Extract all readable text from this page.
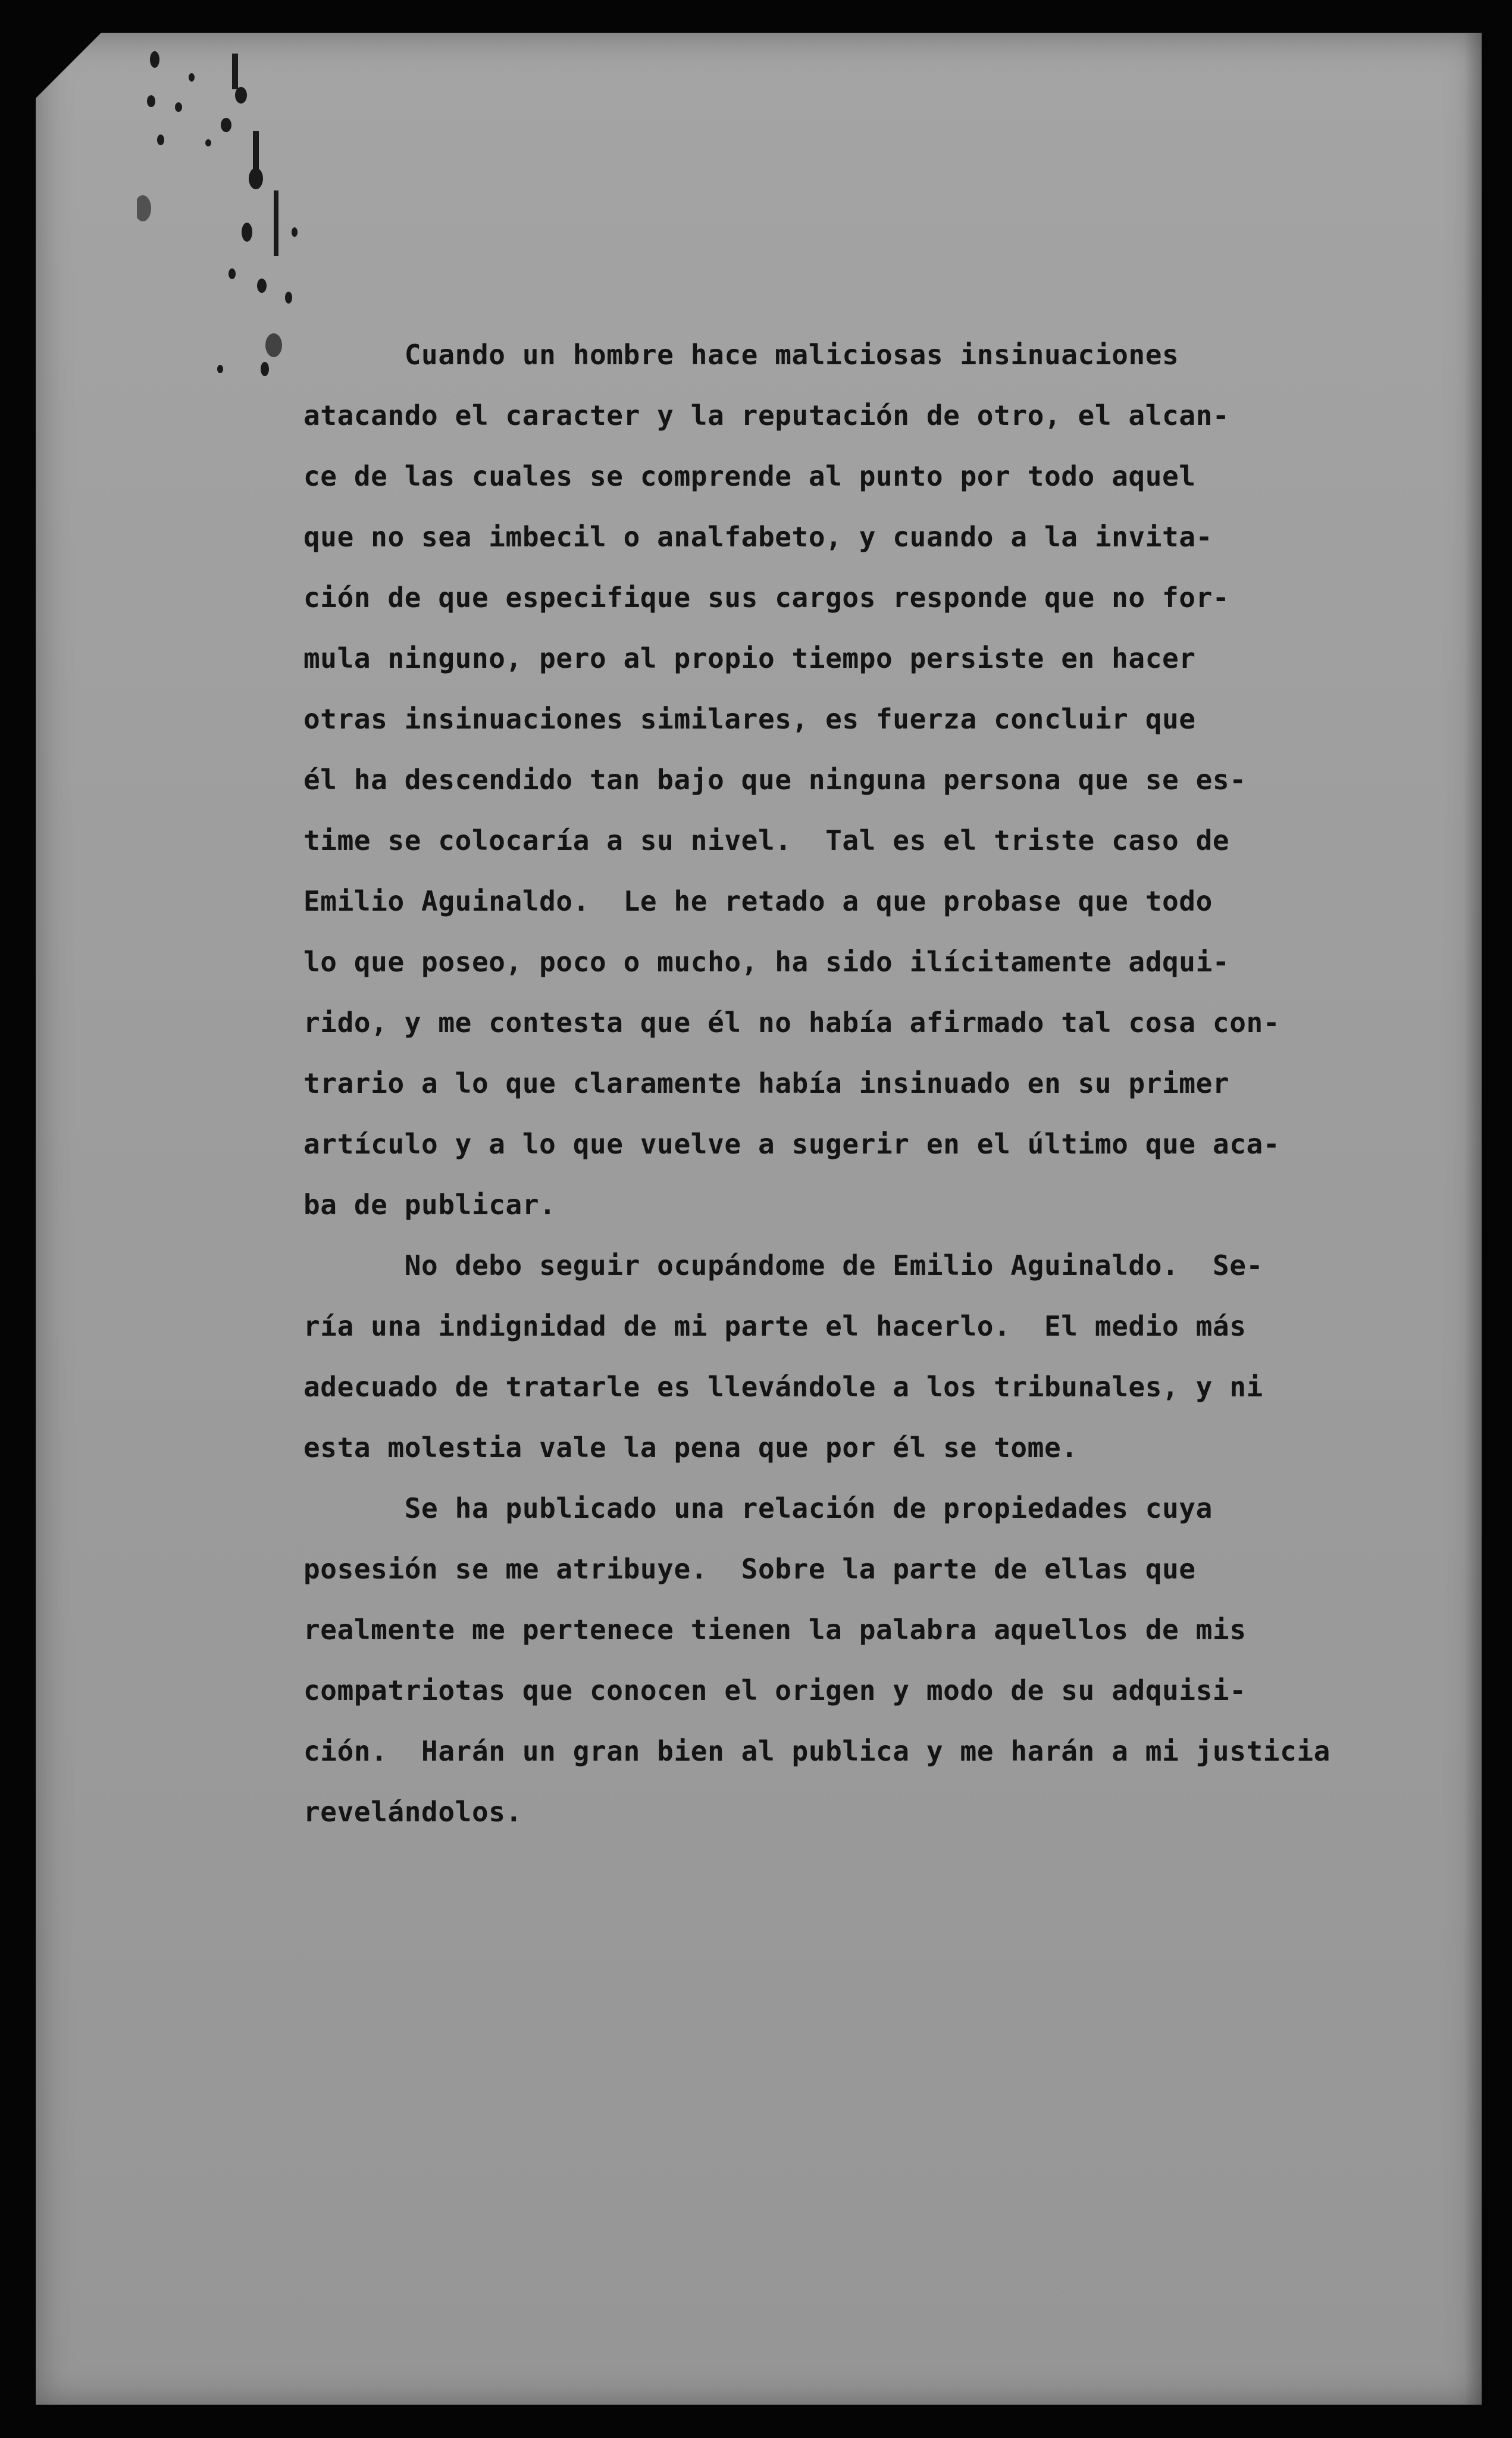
Cuando un hombre hace maliciosas insinuaciones
atacando el caracter y la reputación de otro, el alcan-
ce de las cuales se comprende al punto por todo aquel
que no sea imbecil o analfabeto, y cuando a la invita-
ción de que especifique sus cargos responde que no for-
mula ninguno, pero al propio tiempo persiste en hacer
otras insinuaciones similares, es fuerza concluir que
él ha descendido tan bajo que ninguna persona que se es-
time se colocaría a su nivel.  Tal es el triste caso de
Emilio Aguinaldo.  Le he retado a que probase que todo
lo que poseo, poco o mucho, ha sido ilícitamente adqui-
rido, y me contesta que él no había afirmado tal cosa con-
trario a lo que claramente había insinuado en su primer
artículo y a lo que vuelve a sugerir en el último que aca-
ba de publicar.
No debo seguir ocupándome de Emilio Aguinaldo.  Se-
ría una indignidad de mi parte el hacerlo.  El medio más
adecuado de tratarle es llevándole a los tribunales, y ni
esta molestia vale la pena que por él se tome.
Se ha publicado una relación de propiedades cuya
posesión se me atribuye.  Sobre la parte de ellas que
realmente me pertenece tienen la palabra aquellos de mis
compatriotas que conocen el origen y modo de su adquisi-
ción.  Harán un gran bien al publica y me harán a mi justicia
revelándolos.
